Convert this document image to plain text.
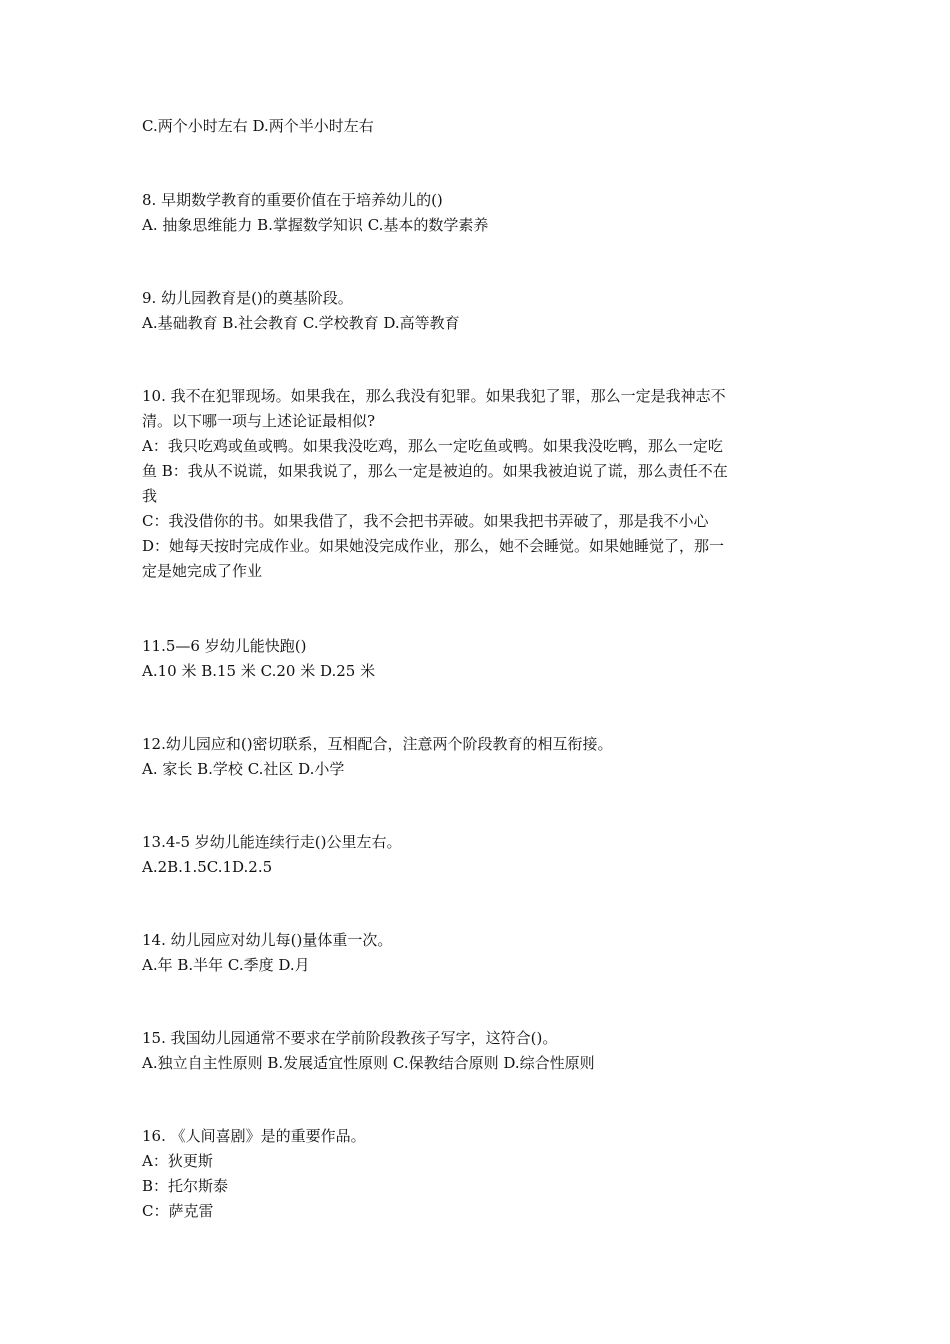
C.两个小时左右 D.两个半小时左右
8. 早期数学教育的重要价值在于培养幼儿的()
A. 抽象思维能力 B.掌握数学知识 C.基本的数学素养
9. 幼儿园教育是()的奠基阶段。
A.基础教育 B.社会教育 C.学校教育 D.高等教育
10. 我不在犯罪现场。如果我在，那么我没有犯罪。如果我犯了罪，那么一定是我神志不
清。以下哪一项与上述论证最相似?
A：我只吃鸡或鱼或鸭。如果我没吃鸡，那么一定吃鱼或鸭。如果我没吃鸭，那么一定吃
鱼 B：我从不说谎，如果我说了，那么一定是被迫的。如果我被迫说了谎，那么责任不在
我
C：我没借你的书。如果我借了，我不会把书弄破。如果我把书弄破了，那是我不小心
D：她每天按时完成作业。如果她没完成作业，那么，她不会睡觉。如果她睡觉了，那一
定是她完成了作业
11.5—6 岁幼儿能快跑()
A.10 米 B.15 米 C.20 米 D.25 米
12.幼儿园应和()密切联系，互相配合，注意两个阶段教育的相互衔接。
A. 家长 B.学校 C.社区 D.小学
13.4-5 岁幼儿能连续行走()公里左右。
A.2B.1.5C.1D.2.5
14. 幼儿园应对幼儿每()量体重一次。
A.年 B.半年 C.季度 D.月
15. 我国幼儿园通常不要求在学前阶段教孩子写字，这符合()。
A.独立自主性原则 B.发展适宜性原则 C.保教结合原则 D.综合性原则
16. 《人间喜剧》是的重要作品。
A：狄更斯
B：托尔斯泰
C：萨克雷
